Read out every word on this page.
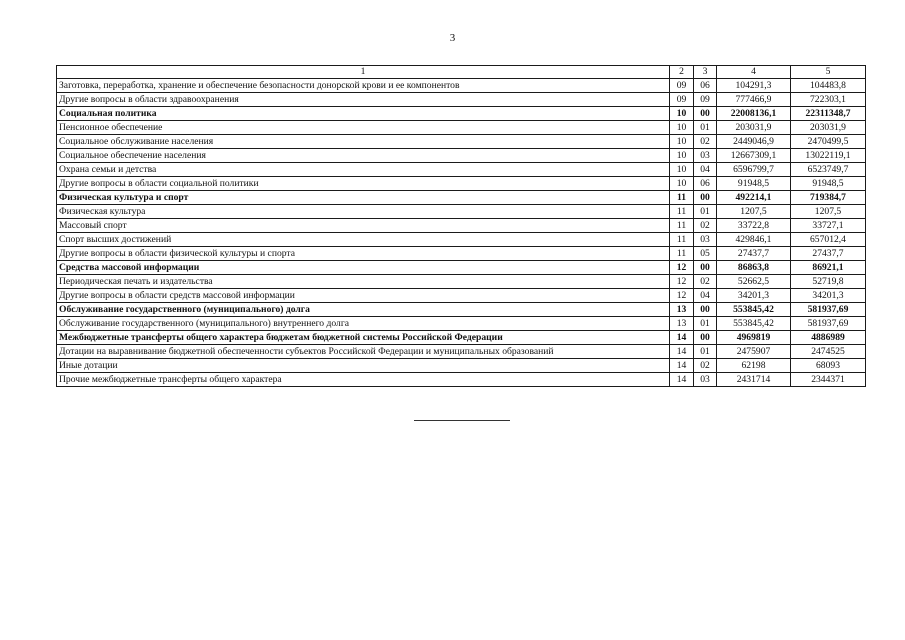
3
1	2	3	4	5
Заготовка, переработка, хранение и обеспечение безопасности донорской крови и ее компонентов	09	06	104291,3	104483,8
Другие вопросы в области здравоохранения	09	09	777466,9	722303,1
Социальная политика	10	00	22008136,1	22311348,7
Пенсионное обеспечение	10	01	203031,9	203031,9
Социальное обслуживание населения	10	02	2449046,9	2470499,5
Социальное обеспечение населения	10	03	12667309,1	13022119,1
Охрана семьи и детства	10	04	6596799,7	6523749,7
Другие вопросы в области социальной политики	10	06	91948,5	91948,5
Физическая культура и спорт	11	00	492214,1	719384,7
Физическая культура	11	01	1207,5	1207,5
Массовый спорт	11	02	33722,8	33727,1
Спорт высших достижений	11	03	429846,1	657012,4
Другие вопросы в области физической культуры и спорта	11	05	27437,7	27437,7
Средства массовой информации	12	00	86863,8	86921,1
Периодическая печать и издательства	12	02	52662,5	52719,8
Другие вопросы в области средств массовой информации	12	04	34201,3	34201,3
Обслуживание государственного (муниципального) долга	13	00	553845,42	581937,69
Обслуживание государственного (муниципального) внутреннего долга	13	01	553845,42	581937,69
Межбюджетные трансферты общего характера бюджетам бюджетной системы Российской Федерации	14	00	4969819	4886989
Дотации на выравнивание бюджетной обеспеченности субъектов Российской Федерации и муниципальных образований	14	01	2475907	2474525
Иные дотации	14	02	62198	68093
Прочие межбюджетные трансферты общего характера	14	03	2431714	2344371
